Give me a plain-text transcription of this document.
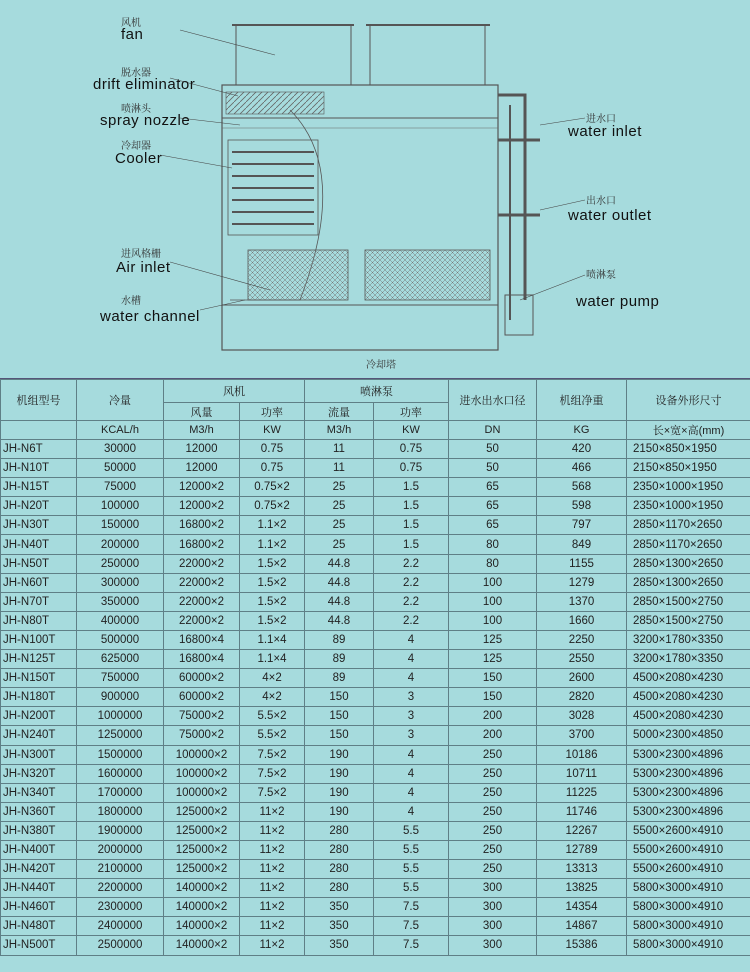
风机
fan
脱水器
drift eliminator
喷淋头
spray nozzle
冷却器
Cooler
进风格栅
Air inlet
水槽
water channel
进水口
water inlet
出水口
water outlet
喷淋泵
water pump
冷却塔
机组型号	冷量	风机		喷淋泵		进水出水口径	机组净重	设备外形尺寸
		风量	功率	流量	功率			
	KCAL/h	M3/h	KW	M3/h	KW	DN	KG	长×宽×高(mm)
JH-N6T	30000	12000	0.75	11	0.75	50	420	2150×850×1950
JH-N10T	50000	12000	0.75	11	0.75	50	466	2150×850×1950
JH-N15T	75000	12000×2	0.75×2	25	1.5	65	568	2350×1000×1950
JH-N20T	100000	12000×2	0.75×2	25	1.5	65	598	2350×1000×1950
JH-N30T	150000	16800×2	1.1×2	25	1.5	65	797	2850×1170×2650
JH-N40T	200000	16800×2	1.1×2	25	1.5	80	849	2850×1170×2650
JH-N50T	250000	22000×2	1.5×2	44.8	2.2	80	1155	2850×1300×2650
JH-N60T	300000	22000×2	1.5×2	44.8	2.2	100	1279	2850×1300×2650
JH-N70T	350000	22000×2	1.5×2	44.8	2.2	100	1370	2850×1500×2750
JH-N80T	400000	22000×2	1.5×2	44.8	2.2	100	1660	2850×1500×2750
JH-N100T	500000	16800×4	1.1×4	89	4	125	2250	3200×1780×3350
JH-N125T	625000	16800×4	1.1×4	89	4	125	2550	3200×1780×3350
JH-N150T	750000	60000×2	4×2	89	4	150	2600	4500×2080×4230
JH-N180T	900000	60000×2	4×2	150	3	150	2820	4500×2080×4230
JH-N200T	1000000	75000×2	5.5×2	150	3	200	3028	4500×2080×4230
JH-N240T	1250000	75000×2	5.5×2	150	3	200	3700	5000×2300×4850
JH-N300T	1500000	100000×2	7.5×2	190	4	250	10186	5300×2300×4896
JH-N320T	1600000	100000×2	7.5×2	190	4	250	10711	5300×2300×4896
JH-N340T	1700000	100000×2	7.5×2	190	4	250	11225	5300×2300×4896
JH-N360T	1800000	125000×2	11×2	190	4	250	11746	5300×2300×4896
JH-N380T	1900000	125000×2	11×2	280	5.5	250	12267	5500×2600×4910
JH-N400T	2000000	125000×2	11×2	280	5.5	250	12789	5500×2600×4910
JH-N420T	2100000	125000×2	11×2	280	5.5	250	13313	5500×2600×4910
JH-N440T	2200000	140000×2	11×2	280	5.5	300	13825	5800×3000×4910
JH-N460T	2300000	140000×2	11×2	350	7.5	300	14354	5800×3000×4910
JH-N480T	2400000	140000×2	11×2	350	7.5	300	14867	5800×3000×4910
JH-N500T	2500000	140000×2	11×2	350	7.5	300	15386	5800×3000×4910
